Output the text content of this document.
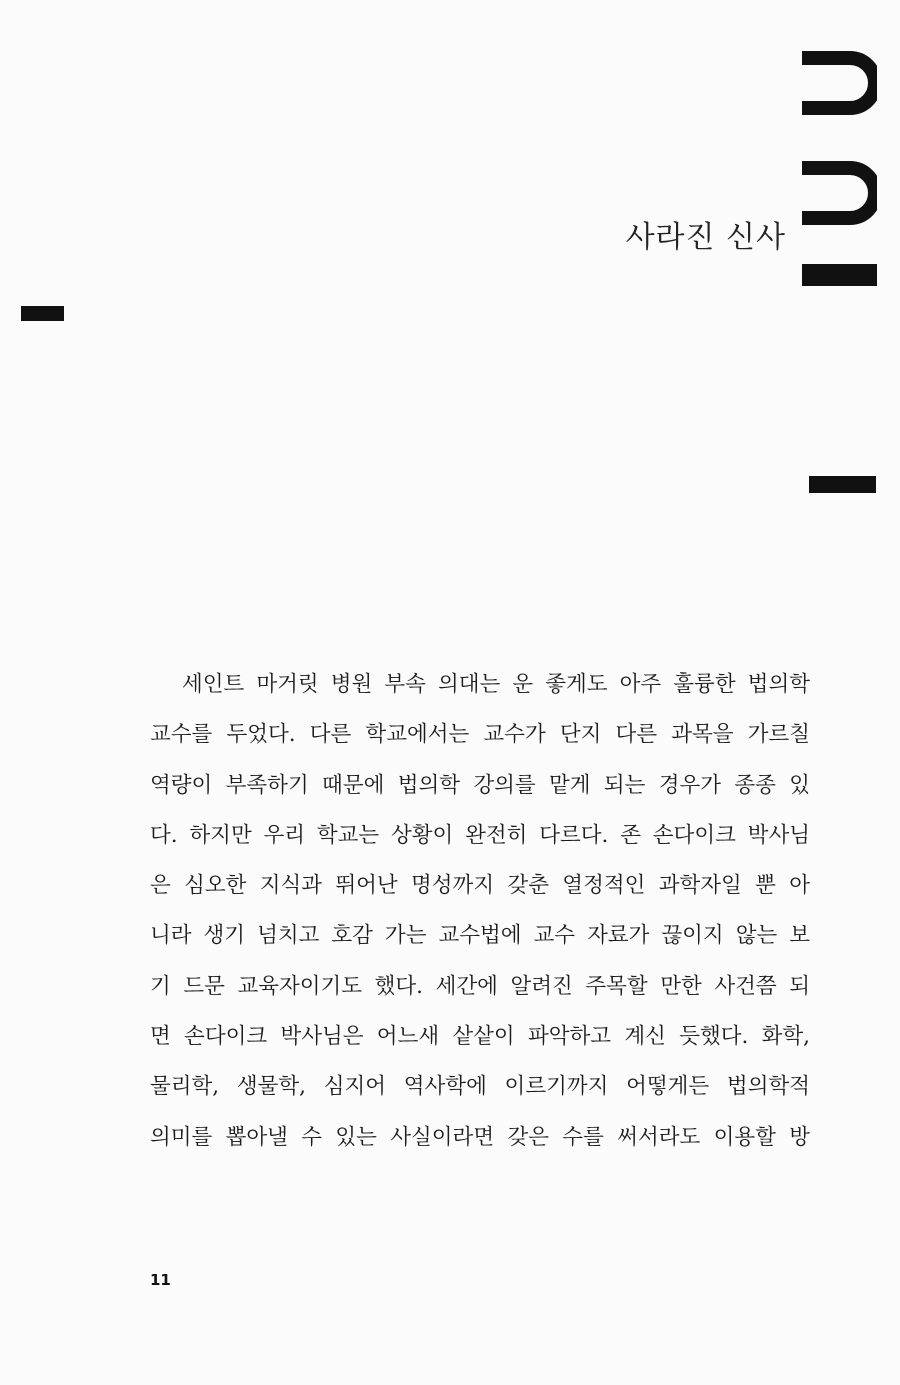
사라진 신사
세인트 마거릿 병원 부속 의대는 운 좋게도 아주 훌륭한 법의학
교수를 두었다. 다른 학교에서는 교수가 단지 다른 과목을 가르칠
역량이 부족하기 때문에 법의학 강의를 맡게 되는 경우가 종종 있
다. 하지만 우리 학교는 상황이 완전히 다르다. 존 손다이크 박사님
은 심오한 지식과 뛰어난 명성까지 갖춘 열정적인 과학자일 뿐 아
니라 생기 넘치고 호감 가는 교수법에 교수 자료가 끊이지 않는 보
기 드문 교육자이기도 했다. 세간에 알려진 주목할 만한 사건쯤 되
면 손다이크 박사님은 어느새 샅샅이 파악하고 계신 듯했다. 화학,
물리학, 생물학, 심지어 역사학에 이르기까지 어떻게든 법의학적
의미를 뽑아낼 수 있는 사실이라면 갖은 수를 써서라도 이용할 방
11
